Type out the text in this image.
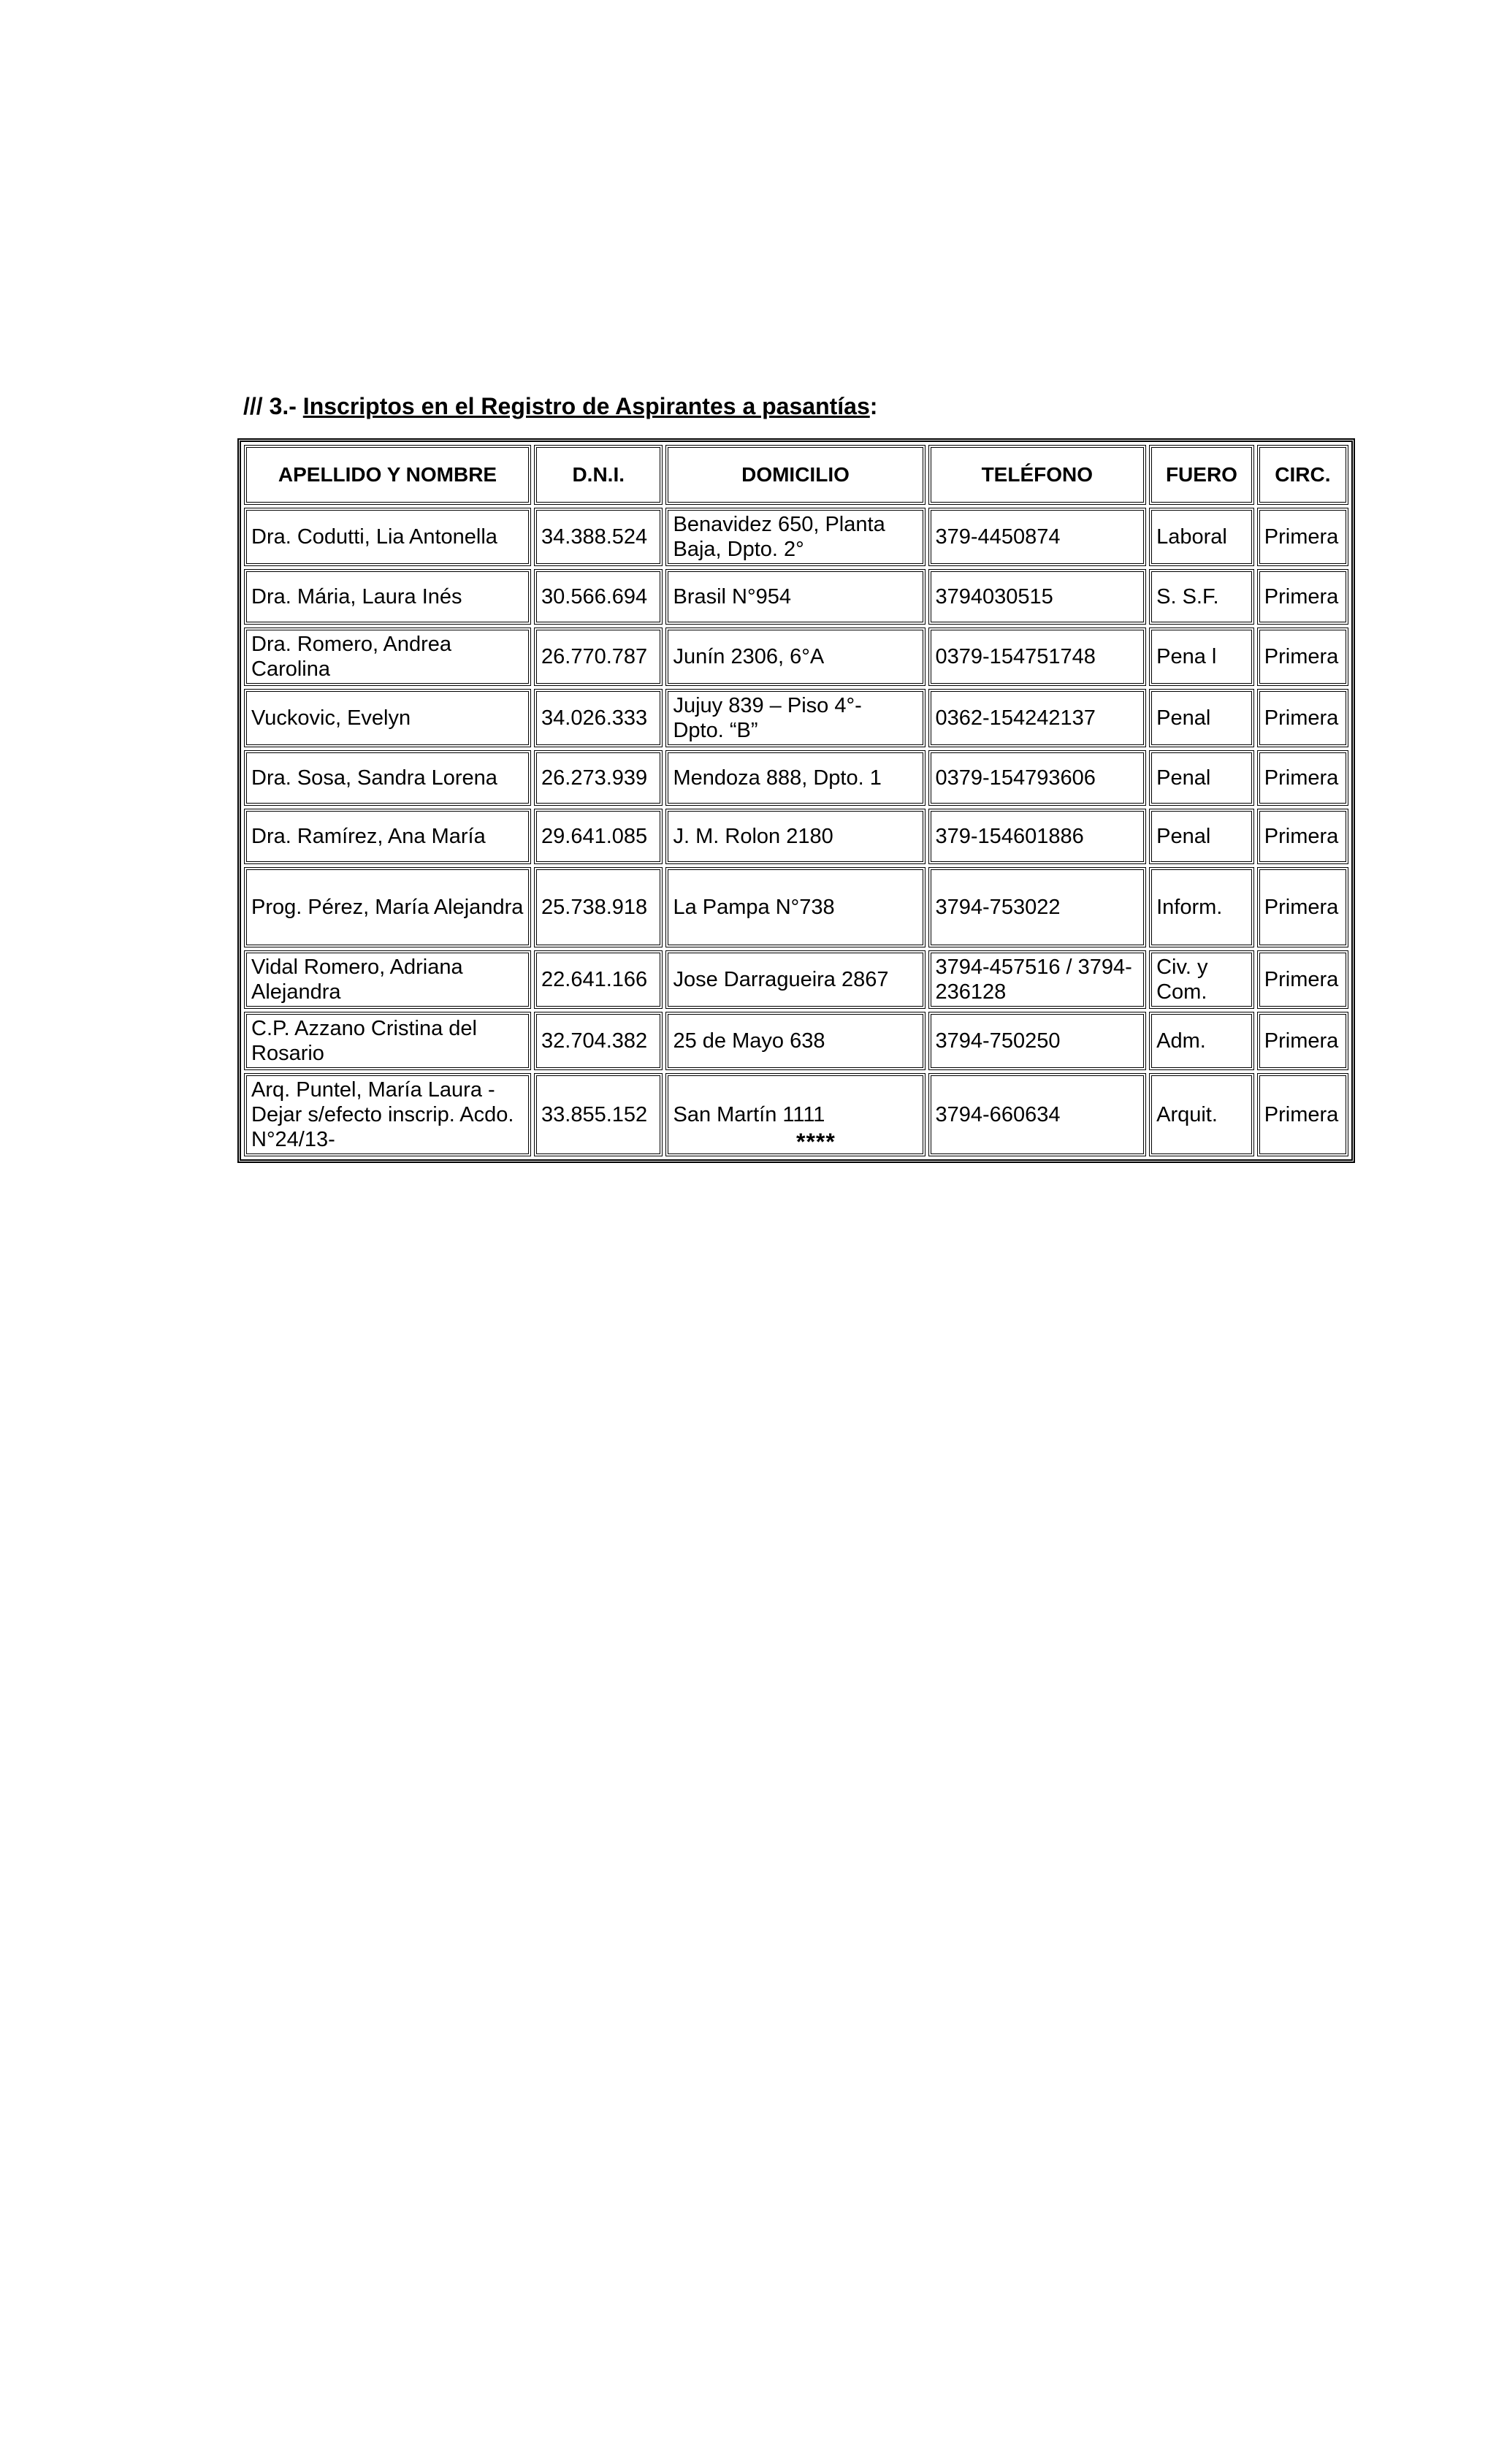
/// 3.- Inscriptos en el Registro de Aspirantes a pasantías:
APELLIDO Y NOMBRE	D.N.I.	DOMICILIO	TELÉFONO	FUERO	CIRC.
Dra. Codutti, Lia Antonella	34.388.524	Benavidez 650, Planta Baja, Dpto. 2°	379-4450874	Laboral	Primera
Dra. Mária, Laura Inés	30.566.694	Brasil N°954	3794030515	S. S.F.	Primera
Dra. Romero, Andrea Carolina	26.770.787	Junín 2306, 6°A	0379-154751748	Pena l	Primera
Vuckovic, Evelyn	34.026.333	Jujuy 839 – Piso 4°- Dpto. “B”	0362-154242137	Penal	Primera
Dra. Sosa, Sandra Lorena	26.273.939	Mendoza 888, Dpto. 1	0379-154793606	Penal	Primera
Dra. Ramírez, Ana María	29.641.085	J. M. Rolon 2180	379-154601886	Penal	Primera
Prog. Pérez, María Alejandra	25.738.918	La Pampa N°738	3794-753022	Inform.	Primera
Vidal Romero, Adriana Alejandra	22.641.166	Jose Darragueira 2867	3794-457516 / 3794-236128	Civ. y Com.	Primera
C.P. Azzano Cristina del Rosario	32.704.382	25 de Mayo 638	3794-750250	Adm.	Primera
Arq. Puntel, María Laura -Dejar s/efecto inscrip. Acdo. N°24/13-	33.855.152	San Martín 1111	3794-660634	Arquit.	Primera
****
